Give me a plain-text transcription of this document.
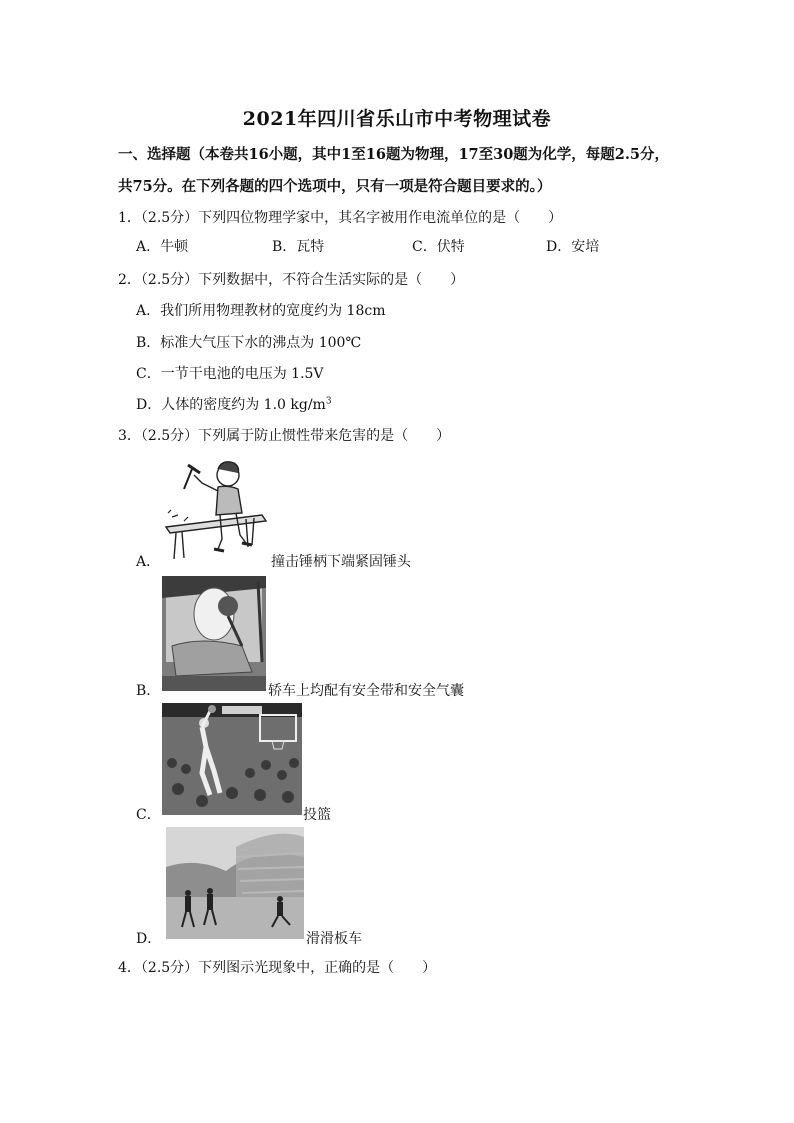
2021年四川省乐山市中考物理试卷
一、选择题（本卷共16小题，其中1至16题为物理，17至30题为化学，每题2.5分，共75分。在下列各题的四个选项中，只有一项是符合题目要求的。）
1．（2.5分）下列四位物理学家中，其名字被用作电流单位的是（　　）
A．牛顿	B．瓦特	C．伏特	D．安培
2．（2.5分）下列数据中，不符合生活实际的是（　　）
A．我们所用物理教材的宽度约为 18cm
B．标准大气压下水的沸点为 100℃
C．一节干电池的电压为 1.5V
D．人体的密度约为 1.0 $kg/m^3$
3．（2.5分）下列属于防止惯性带来危害的是（　　）
A．	撞击锤柄下端紧固锤头
B．	轿车上均配有安全带和安全气囊
C．	投篮
D．	滑滑板车
4．（2.5分）下列图示光现象中，正确的是（　　）
